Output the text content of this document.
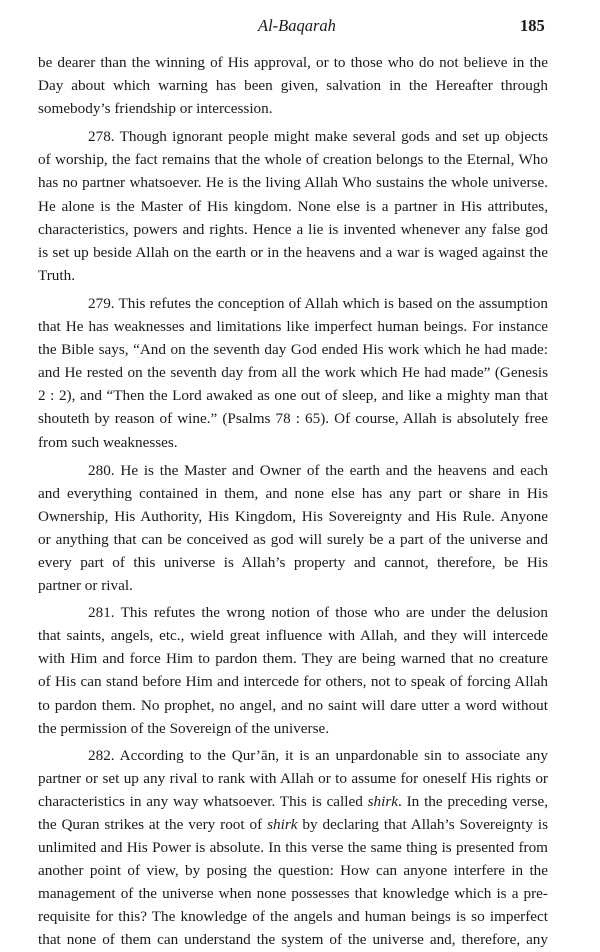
Al-Baqarah	185
be dearer than the winning of His approval, or to those who do not believe in the
Day about which warning has been given, salvation in the Hereafter through
somebody’s friendship or intercession.
278. Though ignorant people might make several gods and set up objects
of worship, the fact remains that the whole of creation belongs to the Eternal, Who
has no partner whatsoever. He is the living Allah Who sustains the whole universe.
He alone is the Master of His kingdom. None else is a partner in His attributes,
characteristics, powers and rights. Hence a lie is invented whenever any false god
is set up beside Allah on the earth or in the heavens and a war is waged against the
Truth.
279. This refutes the conception of Allah which is based on the assumption
that He has weaknesses and limitations like imperfect human beings. For instance
the Bible says, “And on the seventh day God ended His work which he had made:
and He rested on the seventh day from all the work which He had made” (Genesis
2 : 2), and “Then the Lord awaked as one out of sleep, and like a mighty man that
shouteth by reason of wine.” (Psalms 78 : 65). Of course, Allah is absolutely free
from such weaknesses.
280. He is the Master and Owner of the earth and the heavens and each
and everything contained in them, and none else has any part or share in His
Ownership, His Authority, His Kingdom, His Sovereignty and His Rule. Anyone
or anything that can be conceived as god will surely be a part of the universe and
every part of this universe is Allah’s property and cannot, therefore, be His
partner or rival.
281. This refutes the wrong notion of those who are under the delusion
that saints, angels, etc., wield great influence with Allah, and they will intercede
with Him and force Him to pardon them. They are being warned that no creature
of His can stand before Him and intercede for others, not to speak of forcing Allah
to pardon them. No prophet, no angel, and no saint will dare utter a word without
the permission of the Sovereign of the universe.
282. According to the Qur’ān, it is an unpardonable sin to associate any
partner or set up any rival to rank with Allah or to assume for oneself His rights or
characteristics in any way whatsoever. This is called shirk. In the preceding verse,
the Quran strikes at the very root of shirk by declaring that Allah’s Sovereignty is
unlimited and His Power is absolute. In this verse the same thing is presented from
another point of view, by posing the question: How can anyone interfere in the
management of the universe when none possesses that knowledge which is a pre-
requisite for this? The knowledge of the angels and human beings is so imperfect
that none of them can understand the system of the universe and, therefore, any
